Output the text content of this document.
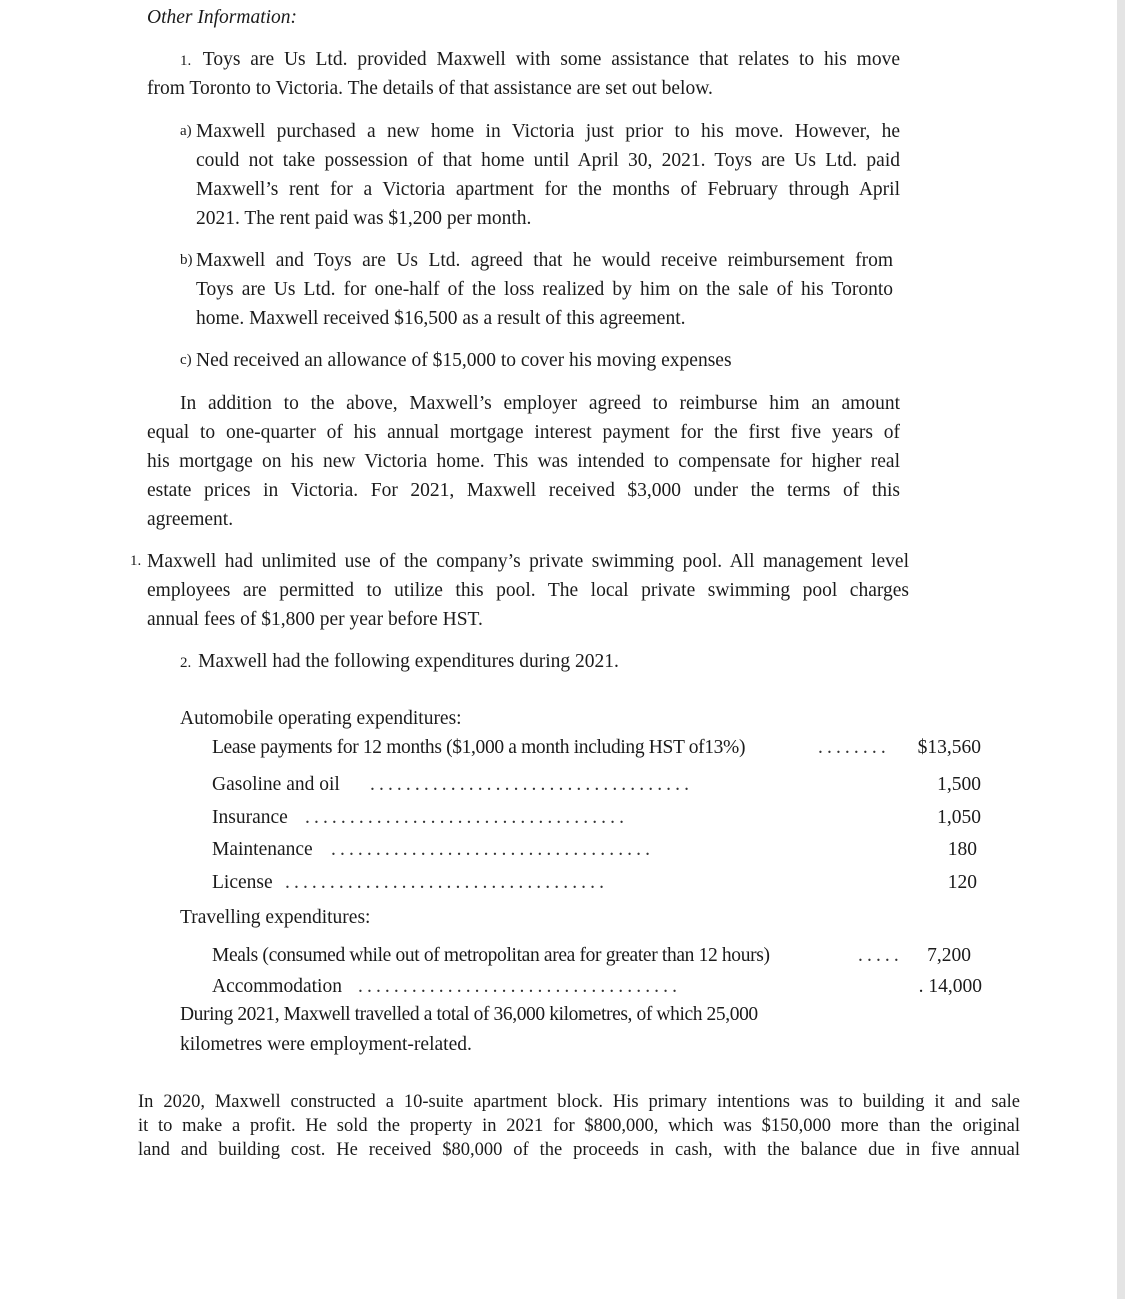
Other Information:
1. Toys are Us Ltd. provided Maxwell with some assistance that relates to his move
from Toronto to Victoria. The details of that assistance are set out below.
a) Maxwell purchased a new home in Victoria just prior to his move. However, he
could not take possession of that home until April 30, 2021. Toys are Us Ltd. paid
Maxwell’s rent for a Victoria apartment for the months of February through April
2021. The rent paid was $1,200 per month.
b) Maxwell and Toys are Us Ltd. agreed that he would receive reimbursement from
Toys are Us Ltd. for one-half of the loss realized by him on the sale of his Toronto
home. Maxwell received $16,500 as a result of this agreement.
c) Ned received an allowance of $15,000 to cover his moving expenses
In addition to the above, Maxwell’s employer agreed to reimburse him an amount
equal to one-quarter of his annual mortgage interest payment for the first five years of
his mortgage on his new Victoria home. This was intended to compensate for higher real
estate prices in Victoria. For 2021, Maxwell received $3,000 under the terms of this
agreement.
1. Maxwell had unlimited use of the company’s private swimming pool. All management level
employees are permitted to utilize this pool. The local private swimming pool charges
annual fees of $1,800 per year before HST.
2. Maxwell had the following expenditures during 2021.
Automobile operating expenditures:
Lease payments for 12 months ($1,000 a month including HST of13%)	........	$13,560
Gasoline and oil ....................................	1,500
Insurance ....................................	1,050
Maintenance ....................................	180
License ....................................	120
Travelling expenditures:
Meals (consumed while out of metropolitan area for greater than 12 hours)	.....	7,200
Accommodation ....................................	. 14,000
During 2021, Maxwell travelled a total of 36,000 kilometres, of which 25,000
kilometres were employment-related.
In 2020, Maxwell constructed a 10-suite apartment block. His primary intentions was to building it and sale
it to make a profit. He sold the property in 2021 for $800,000, which was $150,000 more than the original
land and building cost. He received $80,000 of the proceeds in cash, with the balance due in five annual
